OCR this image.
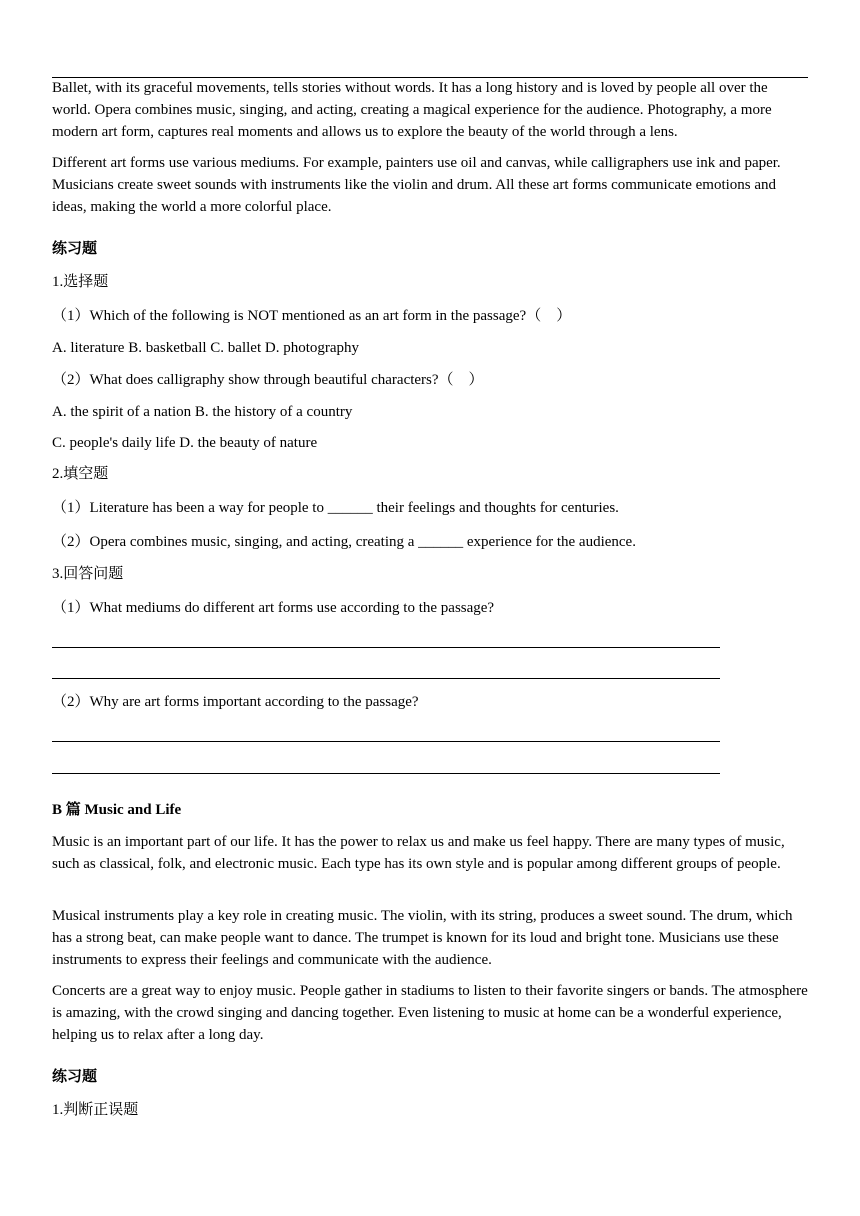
Ballet, with its graceful movements, tells stories without words. It has a long history and is loved by people all over the world. Opera combines music, singing, and acting, creating a magical experience for the audience. Photography, a more modern art form, captures real moments and allows us to explore the beauty of the world through a lens.

Different art forms use various mediums. For example, painters use oil and canvas, while calligraphers use ink and paper. Musicians create sweet sounds with instruments like the violin and drum. All these art forms communicate emotions and ideas, making the world a more colorful place.

练习题

1.选择题

（1）Which of the following is NOT mentioned as an art form in the passage?（　）

A. literature B. basketball C. ballet D. photography

（2）What does calligraphy show through beautiful characters?（　）

A. the spirit of a nation B. the history of a country

C. people's daily life D. the beauty of nature

2.填空题

（1）Literature has been a way for people to ______ their feelings and thoughts for centuries.

（2）Opera combines music, singing, and acting, creating a ______ experience for the audience.

3.回答问题

（1）What mediums do different art forms use according to the passage?

（2）Why are art forms important according to the passage?

B 篇 Music and Life

Music is an important part of our life. It has the power to relax us and make us feel happy. There are many types of music, such as classical, folk, and electronic music. Each type has its own style and is popular among different groups of people.

Musical instruments play a key role in creating music. The violin, with its string, produces a sweet sound. The drum, which has a strong beat, can make people want to dance. The trumpet is known for its loud and bright tone. Musicians use these instruments to express their feelings and communicate with the audience.

Concerts are a great way to enjoy music. People gather in stadiums to listen to their favorite singers or bands. The atmosphere is amazing, with the crowd singing and dancing together. Even listening to music at home can be a wonderful experience, helping us to relax after a long day.

练习题

1.判断正误题
